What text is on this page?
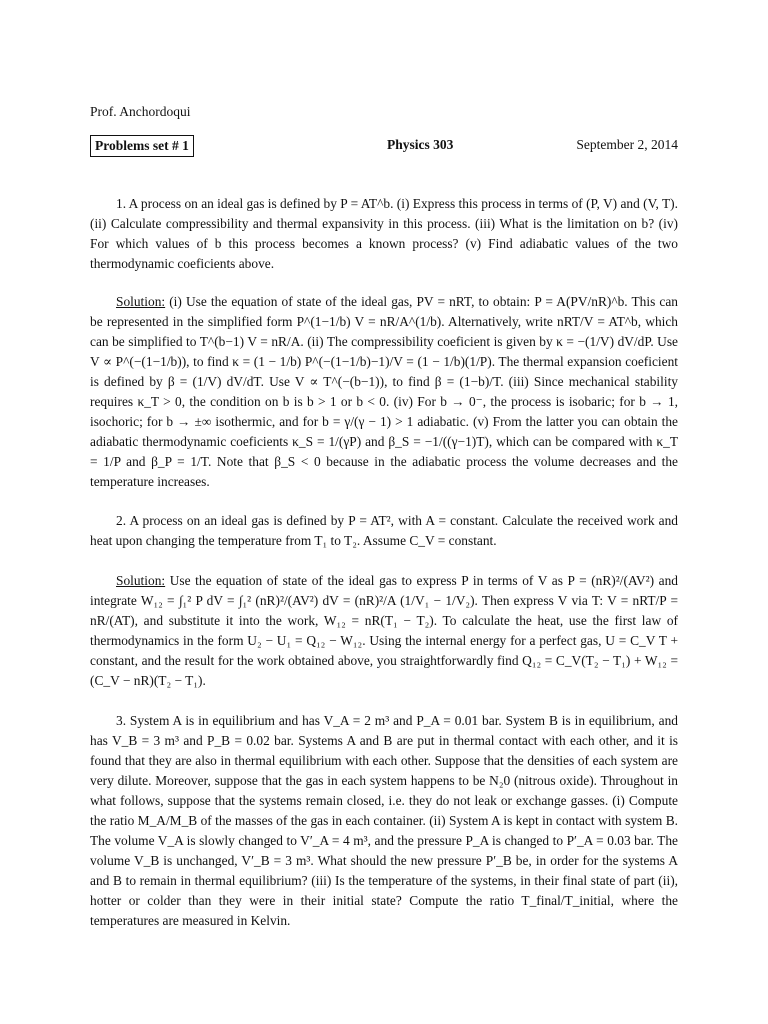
Prof. Anchordoqui
Problems set # 1	Physics 303	September 2, 2014

1. A process on an ideal gas is defined by P = AT^b. (i) Express this process in terms of (P, V) and (V, T). (ii) Calculate compressibility and thermal expansivity in this process. (iii) What is the limitation on b? (iv) For which values of b this process becomes a known process? (v) Find adiabatic values of the two thermodynamic coeficients above.

Solution: (i) Use the equation of state of the ideal gas, PV = nRT, to obtain: P = A(PV/nR)^b. This can be represented in the simplified form P^(1−1/b) V = nR/A^(1/b). Alternatively, write nRT/V = AT^b, which can be simplified to T^(b−1) V = nR/A. (ii) The compressibility coeficient is given by κ = −(1/V) dV/dP. Use V ∝ P^(−(1−1/b)), to find κ = (1 − 1/b) P^(−(1−1/b)−1)/V = (1 − 1/b)(1/P). The thermal expansion coeficient is defined by β = (1/V) dV/dT. Use V ∝ T^(−(b−1)), to find β = (1−b)/T. (iii) Since mechanical stability requires κ_T > 0, the condition on b is b > 1 or b < 0. (iv) For b → 0⁻, the process is isobaric; for b → 1, isochoric; for b → ±∞ isothermic, and for b = γ/(γ − 1) > 1 adiabatic. (v) From the latter you can obtain the adiabatic thermodynamic coeficients κ_S = 1/(γP) and β_S = −1/((γ−1)T), which can be compared with κ_T = 1/P and β_P = 1/T. Note that β_S < 0 because in the adiabatic process the volume decreases and the temperature increases.

2. A process on an ideal gas is defined by P = AT², with A = constant. Calculate the received work and heat upon changing the temperature from T₁ to T₂. Assume C_V = constant.

Solution: Use the equation of state of the ideal gas to express P in terms of V as P = (nR)²/(AV²) and integrate W₁₂ = ∫₁² P dV = ∫₁² (nR)²/(AV²) dV = (nR)²/A (1/V₁ − 1/V₂). Then express V via T: V = nRT/P = nR/(AT), and substitute it into the work, W₁₂ = nR(T₁ − T₂). To calculate the heat, use the first law of thermodynamics in the form U₂ − U₁ = Q₁₂ − W₁₂. Using the internal energy for a perfect gas, U = C_V T + constant, and the result for the work obtained above, you straightforwardly find Q₁₂ = C_V(T₂ − T₁) + W₁₂ = (C_V − nR)(T₂ − T₁).

3. System A is in equilibrium and has V_A = 2 m³ and P_A = 0.01 bar. System B is in equilibrium, and has V_B = 3 m³ and P_B = 0.02 bar. Systems A and B are put in thermal contact with each other, and it is found that they are also in thermal equilibrium with each other. Suppose that the densities of each system are very dilute. Moreover, suppose that the gas in each system happens to be N₂0 (nitrous oxide). Throughout in what follows, suppose that the systems remain closed, i.e. they do not leak or exchange gasses. (i) Compute the ratio M_A/M_B of the masses of the gas in each container. (ii) System A is kept in contact with system B. The volume V_A is slowly changed to V′_A = 4 m³, and the pressure P_A is changed to P′_A = 0.03 bar. The volume V_B is unchanged, V′_B = 3 m³. What should the new pressure P′_B be, in order for the systems A and B to remain in thermal equilibrium? (iii) Is the temperature of the systems, in their final state of part (ii), hotter or colder than they were in their initial state? Compute the ratio T_final/T_initial, where the temperatures are measured in Kelvin.
